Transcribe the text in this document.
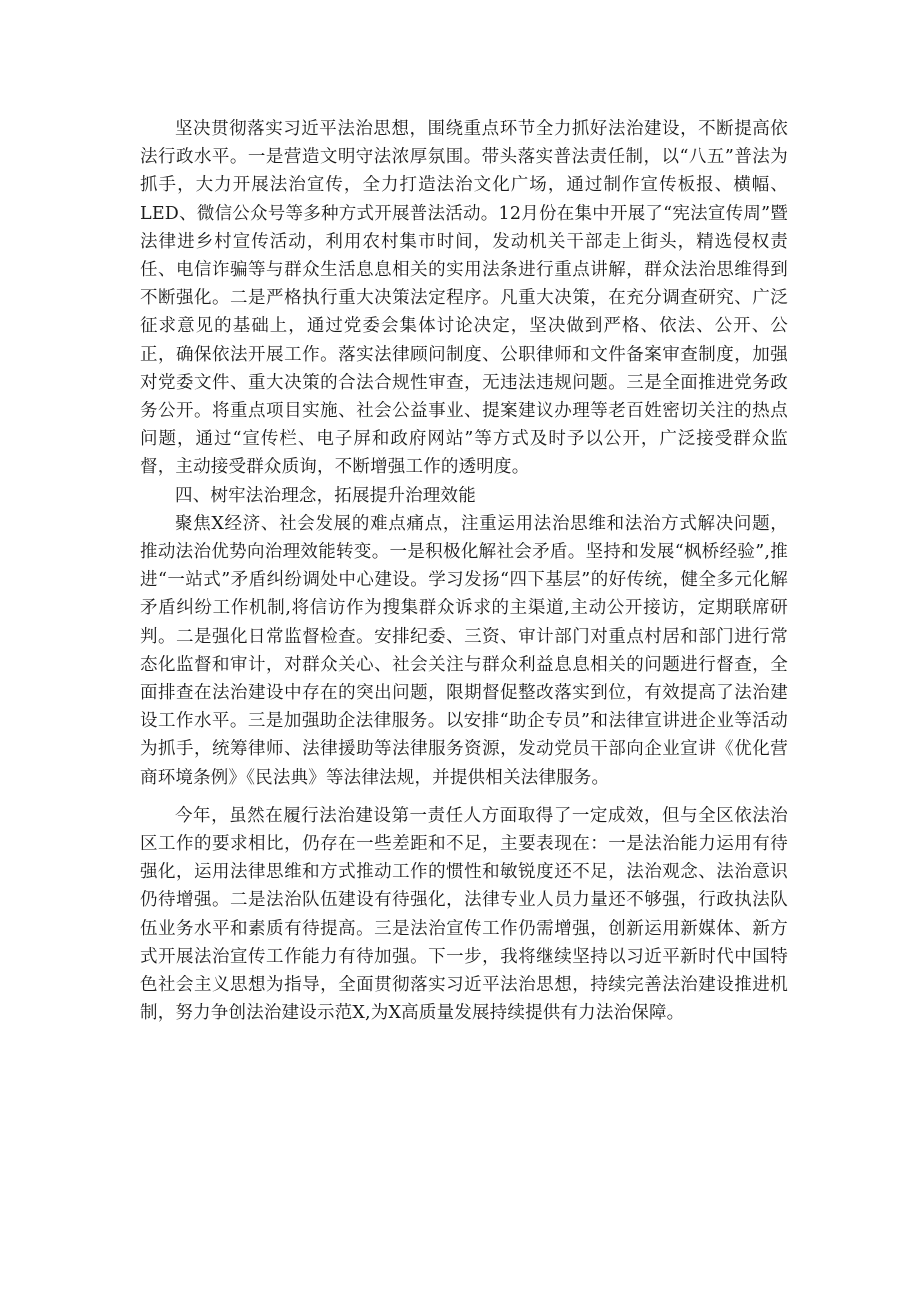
坚决贯彻落实习近平法治思想，围绕重点环节全力抓好法治建设，不断提高依法行政水平。一是营造文明守法浓厚氛围。带头落实普法责任制，以“八五”普法为抓手，大力开展法治宣传，全力打造法治文化广场，通过制作宣传板报、横幅、LED、微信公众号等多种方式开展普法活动。12月份在集中开展了“宪法宣传周”暨法律进乡村宣传活动，利用农村集市时间，发动机关干部走上街头，精选侵权责任、电信诈骗等与群众生活息息相关的实用法条进行重点讲解，群众法治思维得到不断强化。二是严格执行重大决策法定程序。凡重大决策，在充分调查研究、广泛征求意见的基础上，通过党委会集体讨论决定，坚决做到严格、依法、公开、公正，确保依法开展工作。落实法律顾问制度、公职律师和文件备案审查制度，加强对党委文件、重大决策的合法合规性审查，无违法违规问题。三是全面推进党务政务公开。将重点项目实施、社会公益事业、提案建议办理等老百姓密切关注的热点问题，通过“宣传栏、电子屏和政府网站”等方式及时予以公开，广泛接受群众监督，主动接受群众质询，不断增强工作的透明度。

四、树牢法治理念，拓展提升治理效能

聚焦X经济、社会发展的难点痛点，注重运用法治思维和法治方式解决问题，推动法治优势向治理效能转变。一是积极化解社会矛盾。坚持和发展“枫桥经验”,推进“一站式”矛盾纠纷调处中心建设。学习发扬“四下基层”的好传统，健全多元化解矛盾纠纷工作机制,将信访作为搜集群众诉求的主渠道,主动公开接访，定期联席研判。二是强化日常监督检查。安排纪委、三资、审计部门对重点村居和部门进行常态化监督和审计，对群众关心、社会关注与群众利益息息相关的问题进行督查，全面排查在法治建设中存在的突出问题，限期督促整改落实到位，有效提高了法治建设工作水平。三是加强助企法律服务。以安排“助企专员”和法律宣讲进企业等活动为抓手，统筹律师、法律援助等法律服务资源，发动党员干部向企业宣讲《优化营商环境条例》《民法典》等法律法规，并提供相关法律服务。

今年，虽然在履行法治建设第一责任人方面取得了一定成效，但与全区依法治区工作的要求相比，仍存在一些差距和不足，主要表现在：一是法治能力运用有待强化，运用法律思维和方式推动工作的惯性和敏锐度还不足，法治观念、法治意识仍待增强。二是法治队伍建设有待强化，法律专业人员力量还不够强，行政执法队伍业务水平和素质有待提高。三是法治宣传工作仍需增强，创新运用新媒体、新方式开展法治宣传工作能力有待加强。下一步，我将继续坚持以习近平新时代中国特色社会主义思想为指导，全面贯彻落实习近平法治思想，持续完善法治建设推进机制，努力争创法治建设示范X,为X高质量发展持续提供有力法治保障。
